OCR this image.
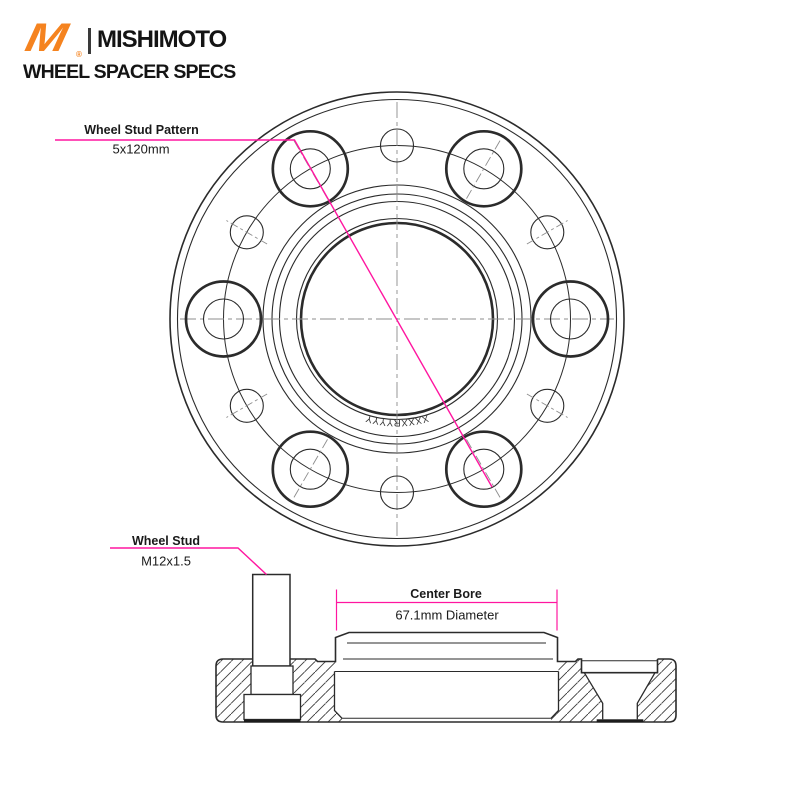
M ®
MISHIMOTO
WHEEL SPACER SPECS
XXXXRYYYY
Wheel Stud Pattern
5x120mm
Wheel Stud
M12x1.5
Center Bore
67.1mm Diameter
